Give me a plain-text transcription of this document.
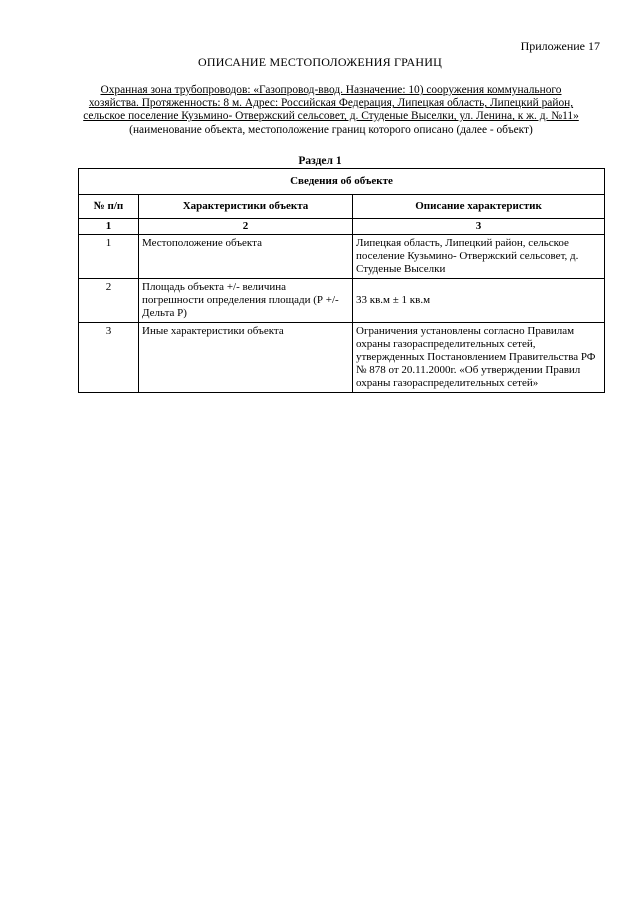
Приложение 17
ОПИСАНИЕ МЕСТОПОЛОЖЕНИЯ ГРАНИЦ
Охранная зона трубопроводов: «Газопровод-ввод. Назначение: 10) сооружения коммунального
хозяйства. Протяженность: 8 м. Адрес: Российская Федерация, Липецкая область, Липецкий район,
сельское поселение Кузьмино- Отвержский сельсовет, д. Студеные Выселки, ул. Ленина, к ж. д. №11»
(наименование объекта, местоположение границ которого описано (далее - объект)
Раздел 1
Сведения об объекте		
№ п/п	Характеристики объекта	Описание характеристик
1	2	3
1	Местоположение объекта	Липецкая область, Липецкий район, сельское поселение Кузьмино- Отвержский сельсовет, д. Студеные Выселки
2	Площадь объекта +/- величина погрешности определения площади (Р +/- Дельта Р)	33 кв.м ± 1 кв.м
3	Иные характеристики объекта	Ограничения установлены согласно Правилам охраны газораспределительных сетей, утвержденных Постановлением Правительства РФ № 878 от 20.11.2000г. «Об утверждении Правил охраны газораспределительных сетей»
